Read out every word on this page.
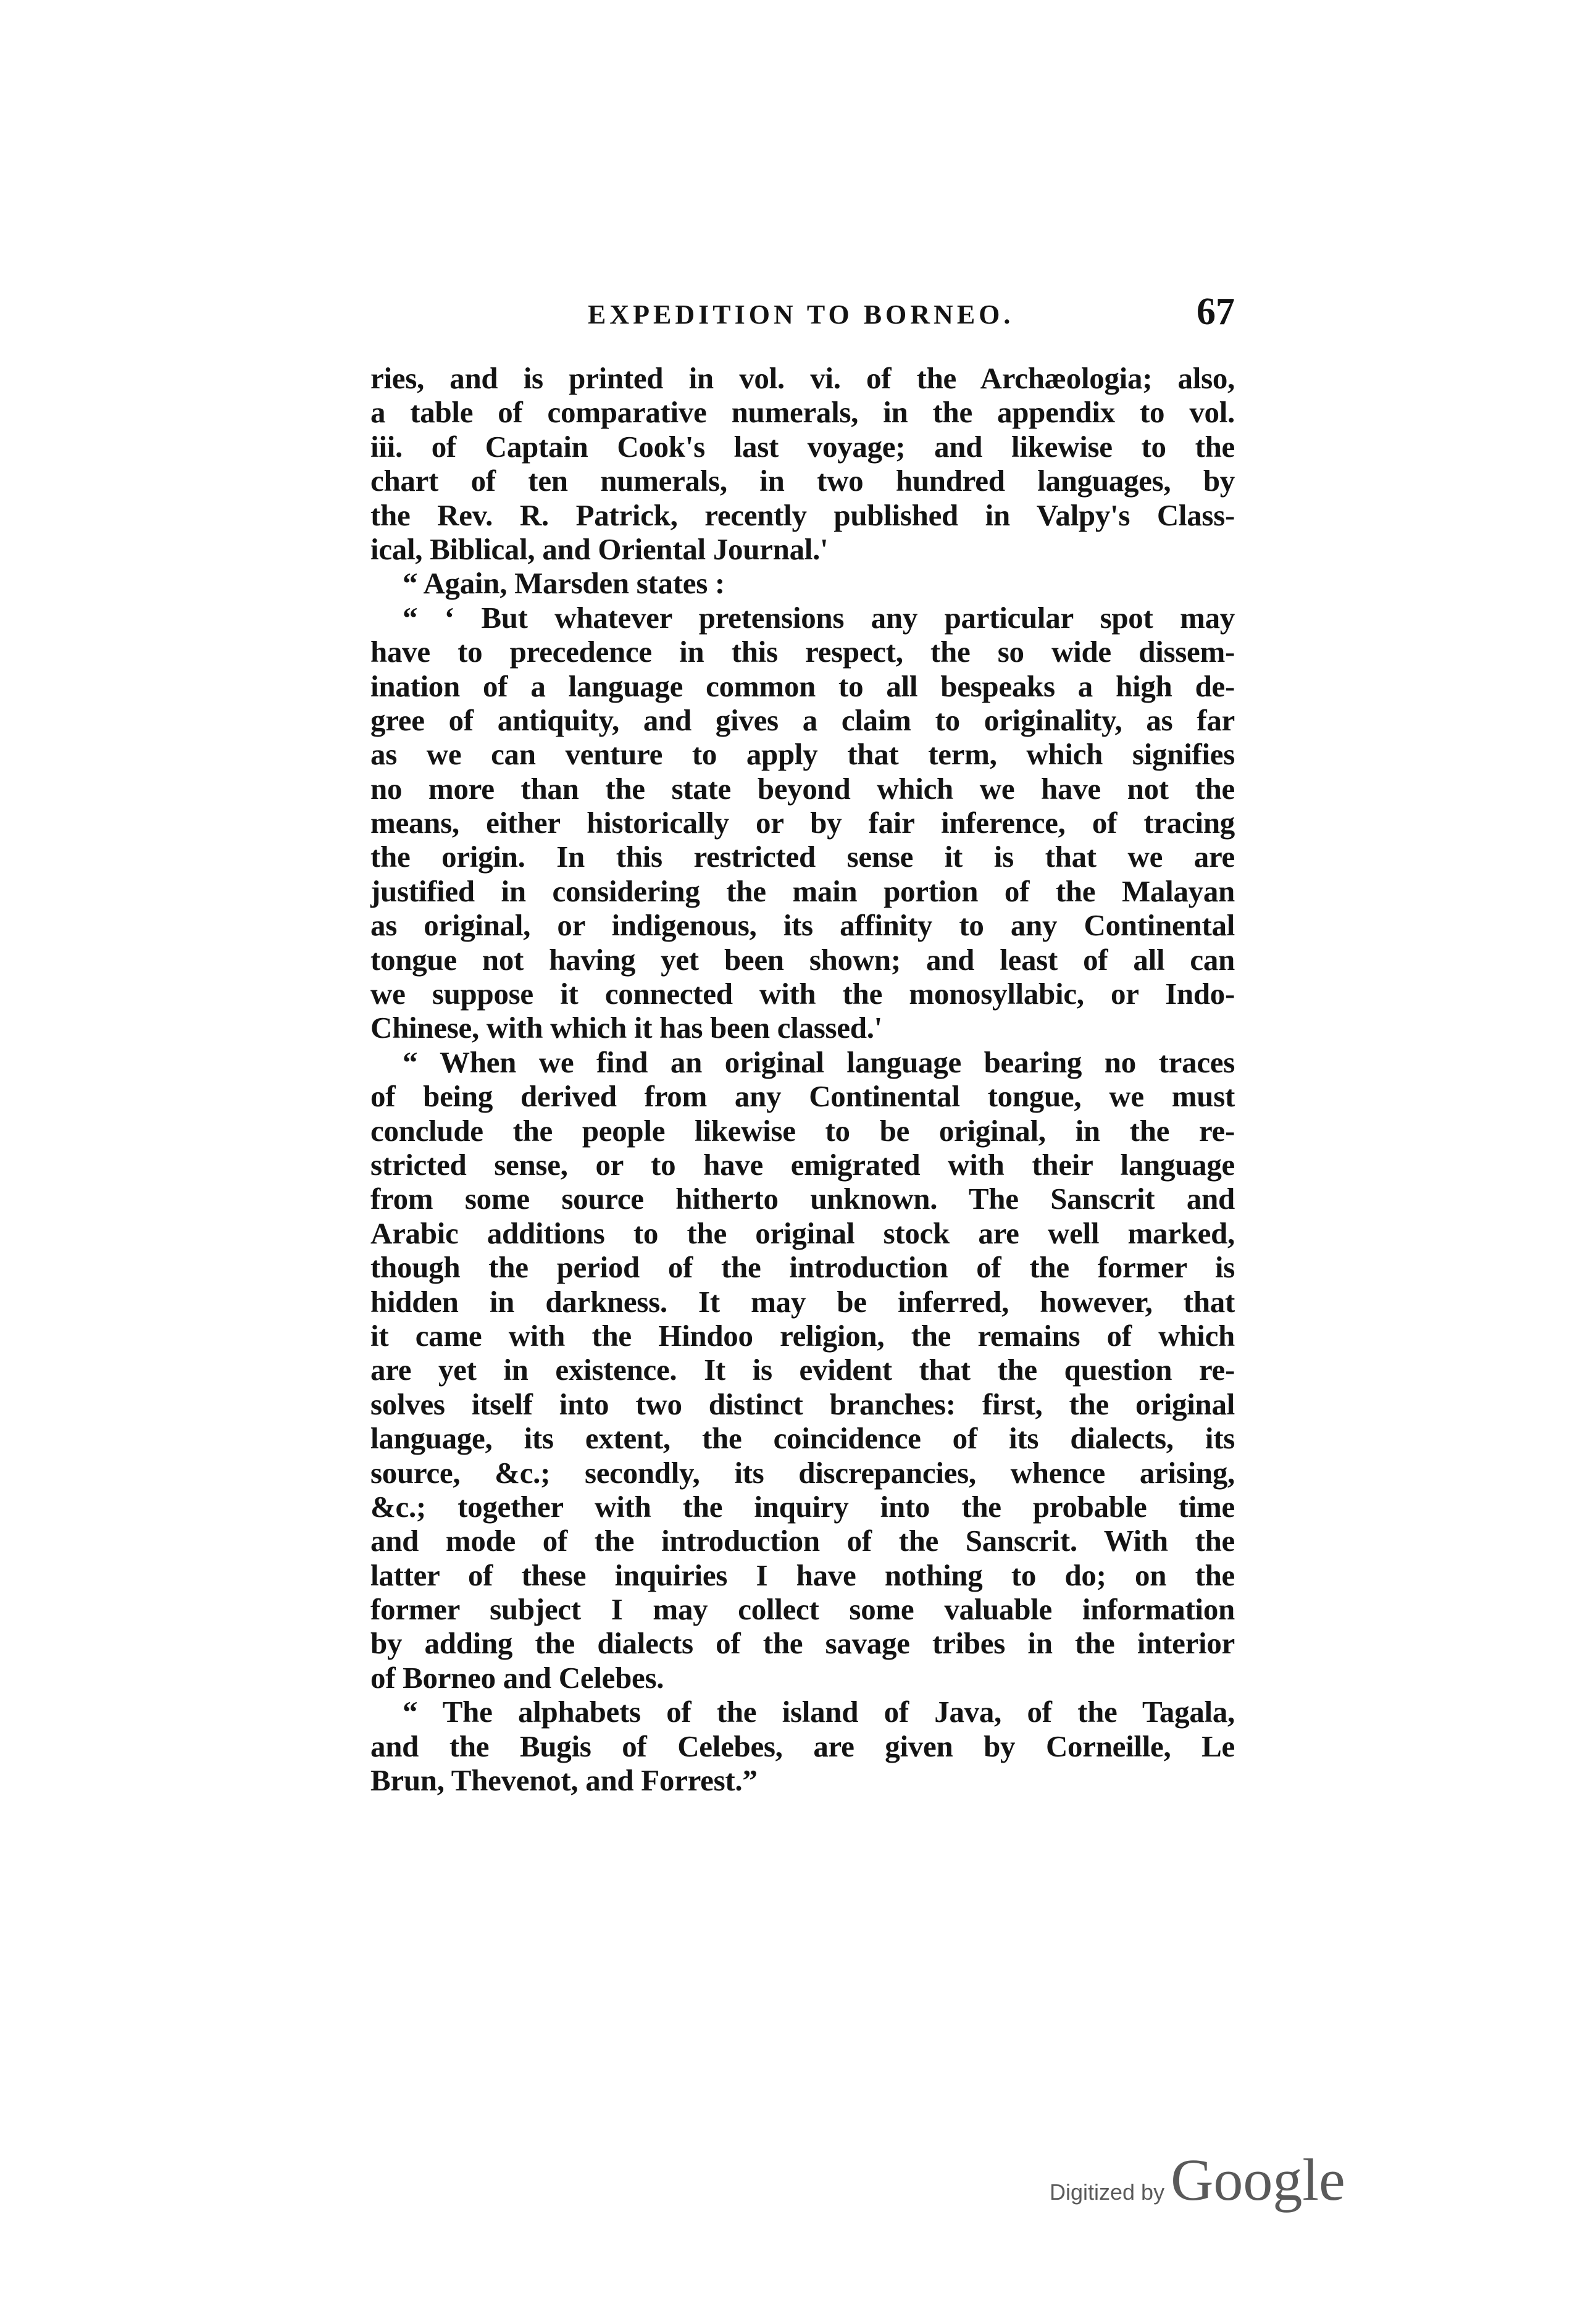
EXPEDITION TO BORNEO.	67
ries, and is printed in vol. vi. of the Archæologia; also,
a table of comparative numerals, in the appendix to vol.
iii. of Captain Cook's last voyage; and likewise to the
chart of ten numerals, in two hundred languages, by
the Rev. R. Patrick, recently published in Valpy's Class-
ical, Biblical, and Oriental Journal.'
“ Again, Marsden states :
“ ‘ But whatever pretensions any particular spot may
have to precedence in this respect, the so wide dissem-
ination of a language common to all bespeaks a high de-
gree of antiquity, and gives a claim to originality, as far
as we can venture to apply that term, which signifies
no more than the state beyond which we have not the
means, either historically or by fair inference, of tracing
the origin. In this restricted sense it is that we are
justified in considering the main portion of the Malayan
as original, or indigenous, its affinity to any Continental
tongue not having yet been shown; and least of all can
we suppose it connected with the monosyllabic, or Indo-
Chinese, with which it has been classed.'
“ When we find an original language bearing no traces
of being derived from any Continental tongue, we must
conclude the people likewise to be original, in the re-
stricted sense, or to have emigrated with their language
from some source hitherto unknown. The Sanscrit and
Arabic additions to the original stock are well marked,
though the period of the introduction of the former is
hidden in darkness. It may be inferred, however, that
it came with the Hindoo religion, the remains of which
are yet in existence. It is evident that the question re-
solves itself into two distinct branches: first, the original
language, its extent, the coincidence of its dialects, its
source, &c.; secondly, its discrepancies, whence arising,
&c.; together with the inquiry into the probable time
and mode of the introduction of the Sanscrit. With the
latter of these inquiries I have nothing to do; on the
former subject I may collect some valuable information
by adding the dialects of the savage tribes in the interior
of Borneo and Celebes.
“ The alphabets of the island of Java, of the Tagala,
and the Bugis of Celebes, are given by Corneille, Le
Brun, Thevenot, and Forrest.”
Digitized by Google
